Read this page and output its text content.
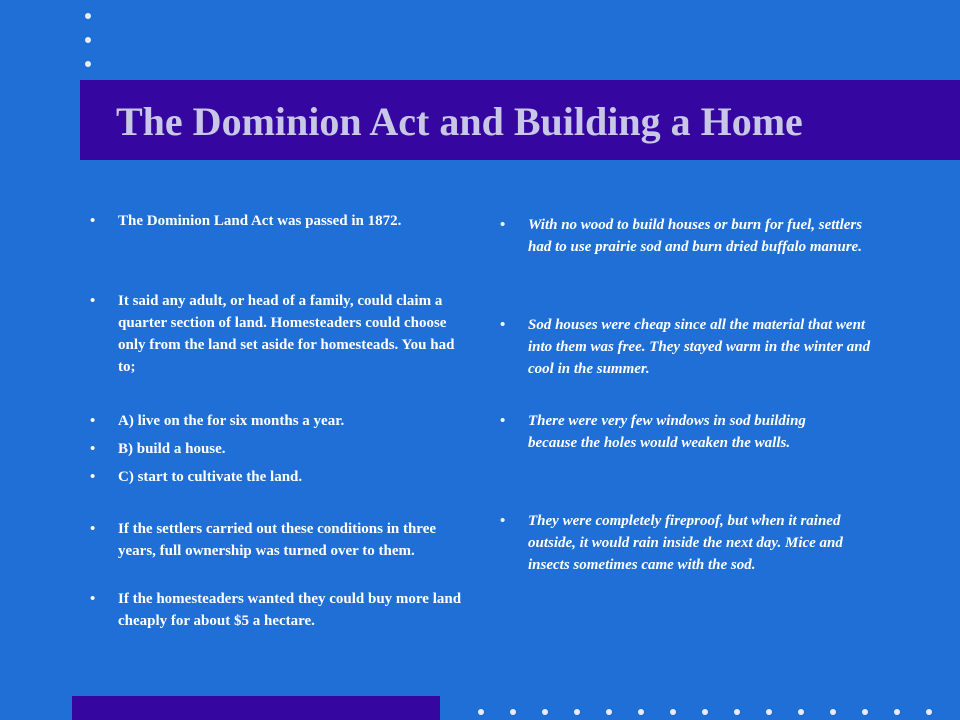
The Dominion Act and Building a Home
• The Dominion Land Act was passed in 1872.
• It said any adult, or head of a family, could claim a quarter section of land. Homesteaders could choose only from the land set aside for homesteads. You had to;
• A) live on the for six months a year.
• B) build a house.
• C) start to cultivate the land.
• If the settlers carried out these conditions in three years, full ownership was turned over to them.
• If the homesteaders wanted they could buy more land cheaply for about $5 a hectare.
• With no wood to build houses or burn for fuel, settlers had to use prairie sod and burn dried buffalo manure.
• Sod houses were cheap since all the material that went into them was free. They stayed warm in the winter and cool in the summer.
• There were very few windows in sod building because the holes would weaken the walls.
• They were completely fireproof, but when it rained outside, it would rain inside the next day. Mice and insects sometimes came with the sod.
